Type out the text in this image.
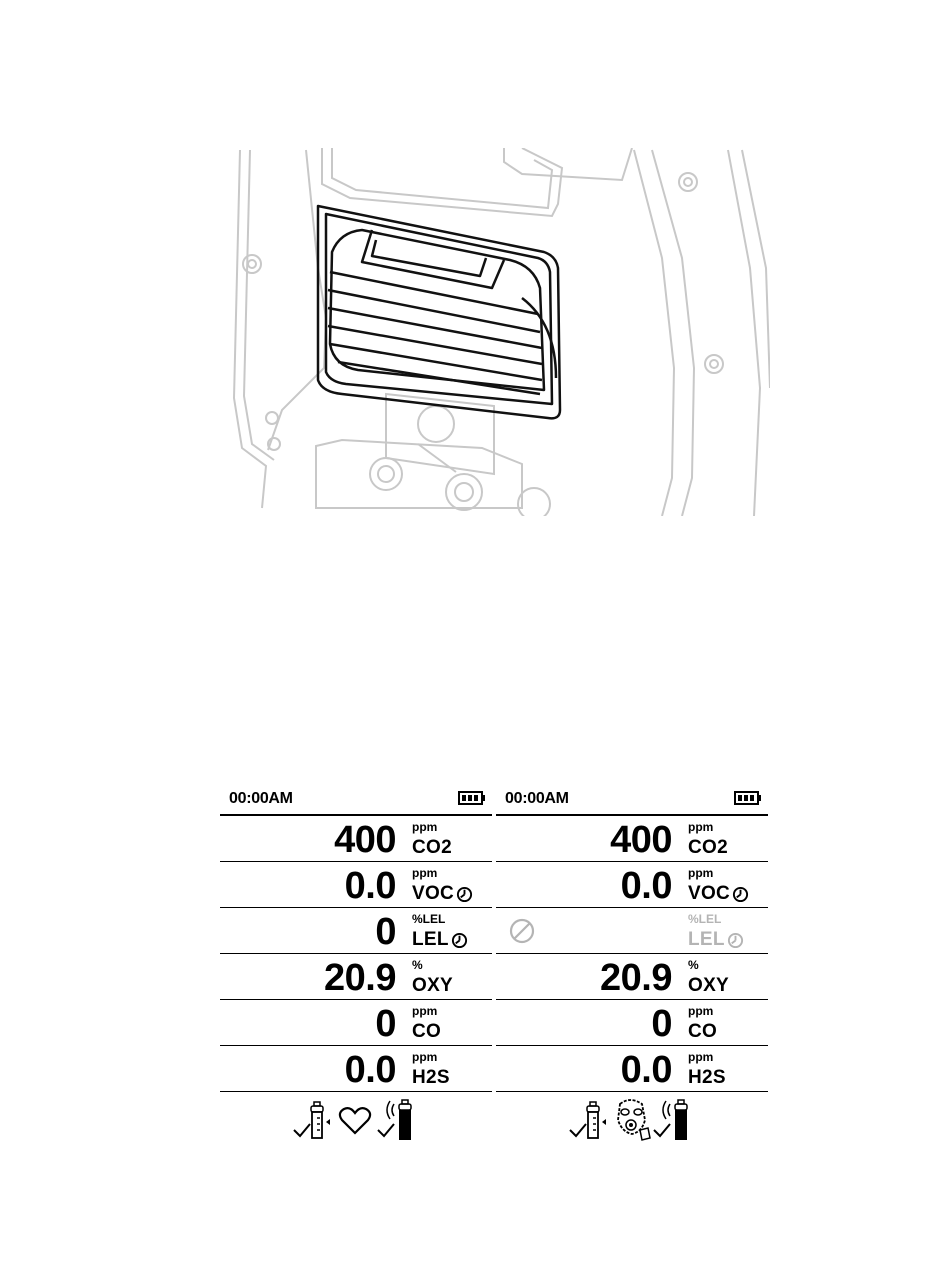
00:00AM
400 ppm
CO2
0.0 ppm
VOC
0 %LEL
LEL
20.9 %
OXY
0 ppm
CO
0.0 ppm
H2S
00:00AM
400 ppm
CO2
0.0 ppm
VOC
%LEL
LEL
20.9 %
OXY
0 ppm
CO
0.0 ppm
H2S
